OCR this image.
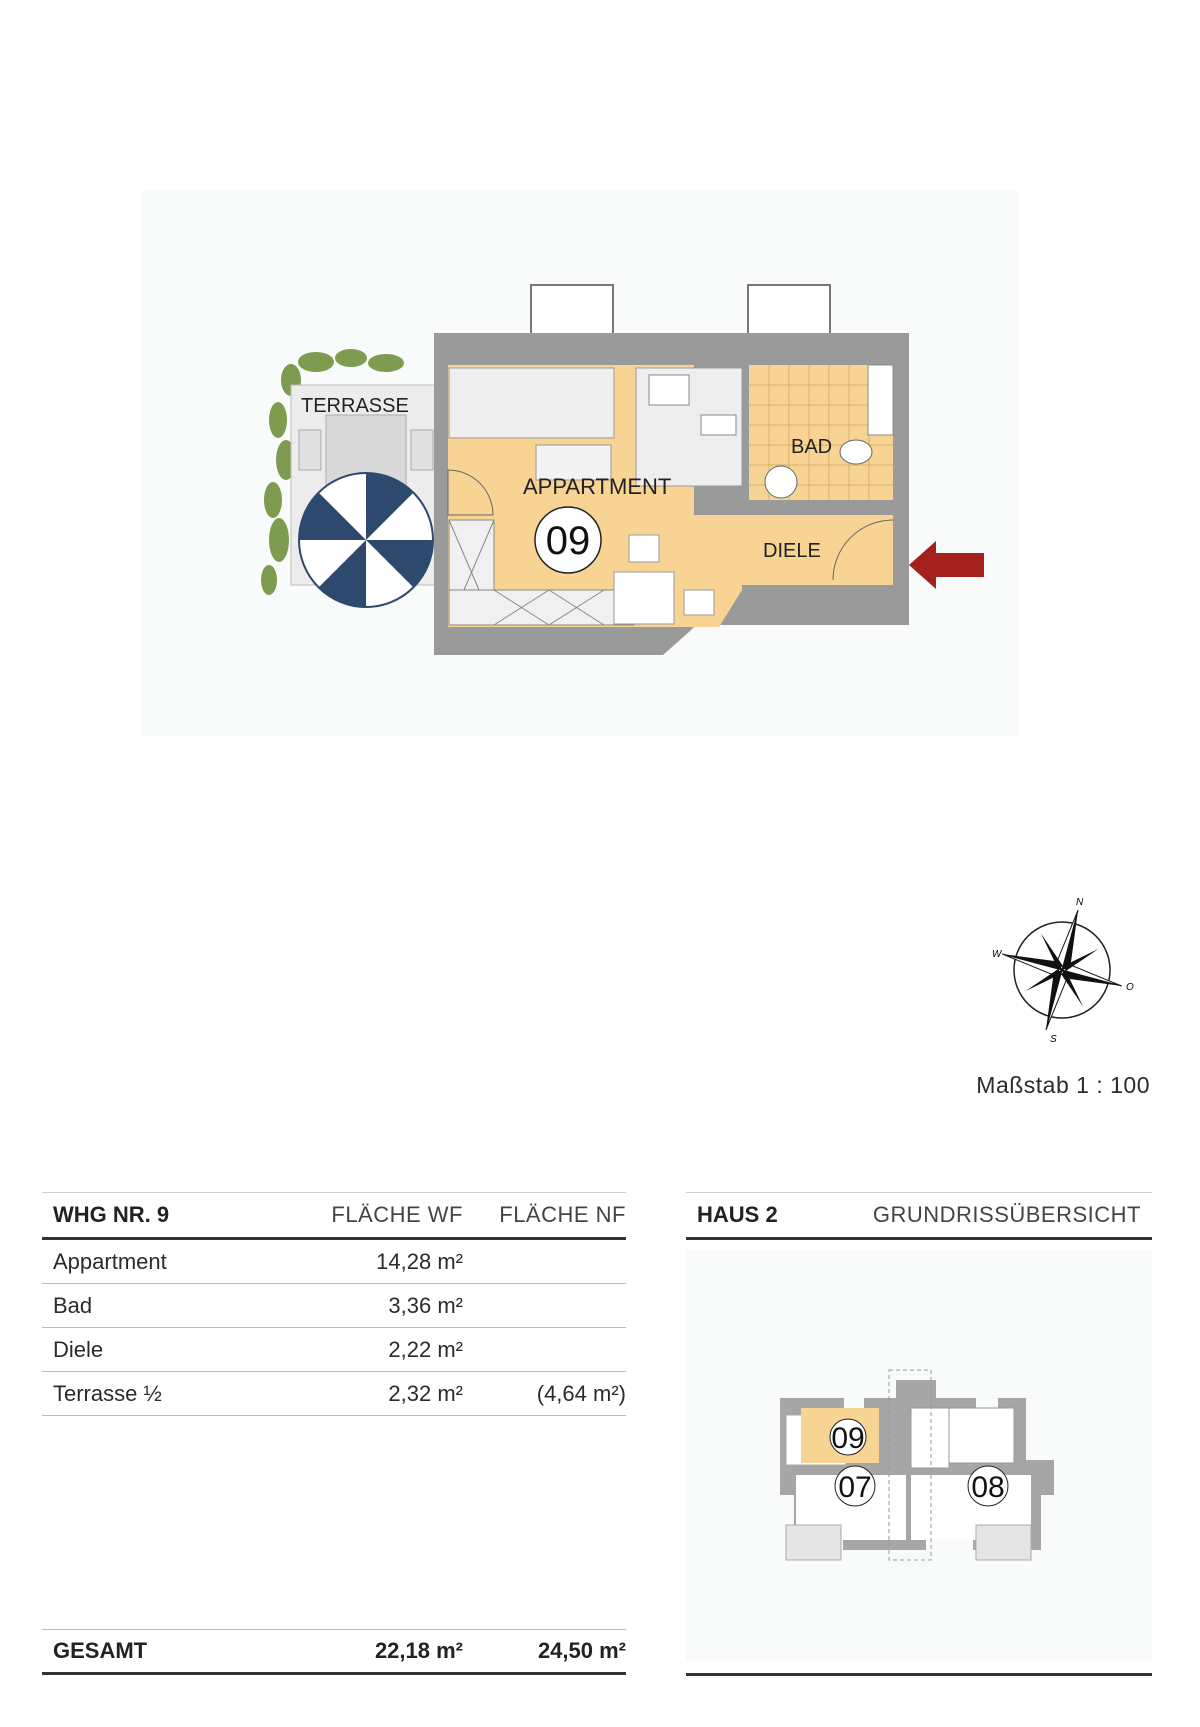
TERRASSE
APPARTMENT
09
BAD
DIELE
N
O
S
W
Maßstab 1 : 100
WHG NR. 9	FLÄCHE WF	FLÄCHE NF
Appartment	14,28 m²
Bad	3,36 m²
Diele	2,22 m²
Terrasse ½	2,32 m²	(4,64 m²)
GESAMT	22,18 m²	24,50 m²
HAUS 2	GRUNDRISSÜBERSICHT
09
07	08
